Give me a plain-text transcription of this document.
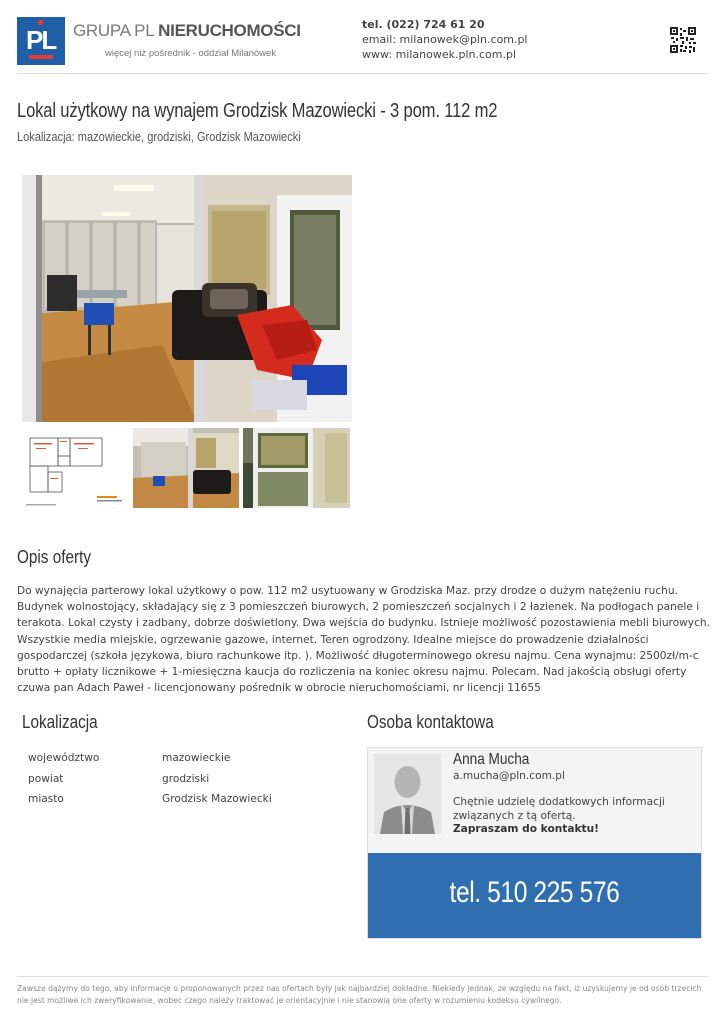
PL GRUPA PL NIERUCHOMOŚCI
więcej niż pośrednik - oddział Milanówek
tel. (022) 724 61 20
email: milanowek@pln.com.pl
www: milanowek.pln.com.pl
Lokal użytkowy na wynajem Grodzisk Mazowiecki - 3 pom. 112 m2
Lokalizacja: mazowieckie, grodziski, Grodzisk Mazowiecki
Opis oferty

Do wynajęcia parterowy lokal użytkowy o pow. 112 m2 usytuowany w Grodziska Maz. przy drodze o dużym natężeniu ruchu. Budynek wolnostojący, składający się z 3 pomieszczeń biurowych, 2 pomieszczeń socjalnych i 2 łazienek. Na podłogach panele i terakota. Lokal czysty i zadbany, dobrze doświetlony. Dwa wejścia do budynku. Istnieje możliwość pozostawienia mebli biurowych. Wszystkie media miejskie, ogrzewanie gazowe, internet. Teren ogrodzony. Idealne miejsce do prowadzenie działalności gospodarczej (szkoła językowa, biuro rachunkowe itp. ). Możliwość długoterminowego okresu najmu. Cena wynajmu: 2500zł/m-c brutto + opłaty licznikowe + 1-miesięczna kaucja do rozliczenia na koniec okresu najmu. Polecam. Nad jakością obsługi oferty czuwa pan Adach Paweł - licencjonowany pośrednik w obrocie nieruchomościami, nr licencji 11655

Lokalizacja
województwo	mazowieckie
powiat	grodziski
miasto	Grodzisk Mazowiecki
Osoba kontaktowa
Anna Mucha
a.mucha@pln.com.pl
Chętnie udzielę dodatkowych informacji związanych z tą ofertą.
Zapraszam do kontaktu!
tel. 510 225 576

Zawsze dążymy do tego, aby informacje o proponowanych przez nas ofertach były jak najbardziej dokładne. Niekiedy jednak, ze względu na fakt, iż uzyskujemy je od osób trzecich nie jest możliwe ich zweryfikowanie, wobec czego należy traktować je orientacyjnie i nie stanowią one oferty w rozumieniu kodeksu cywilnego.
